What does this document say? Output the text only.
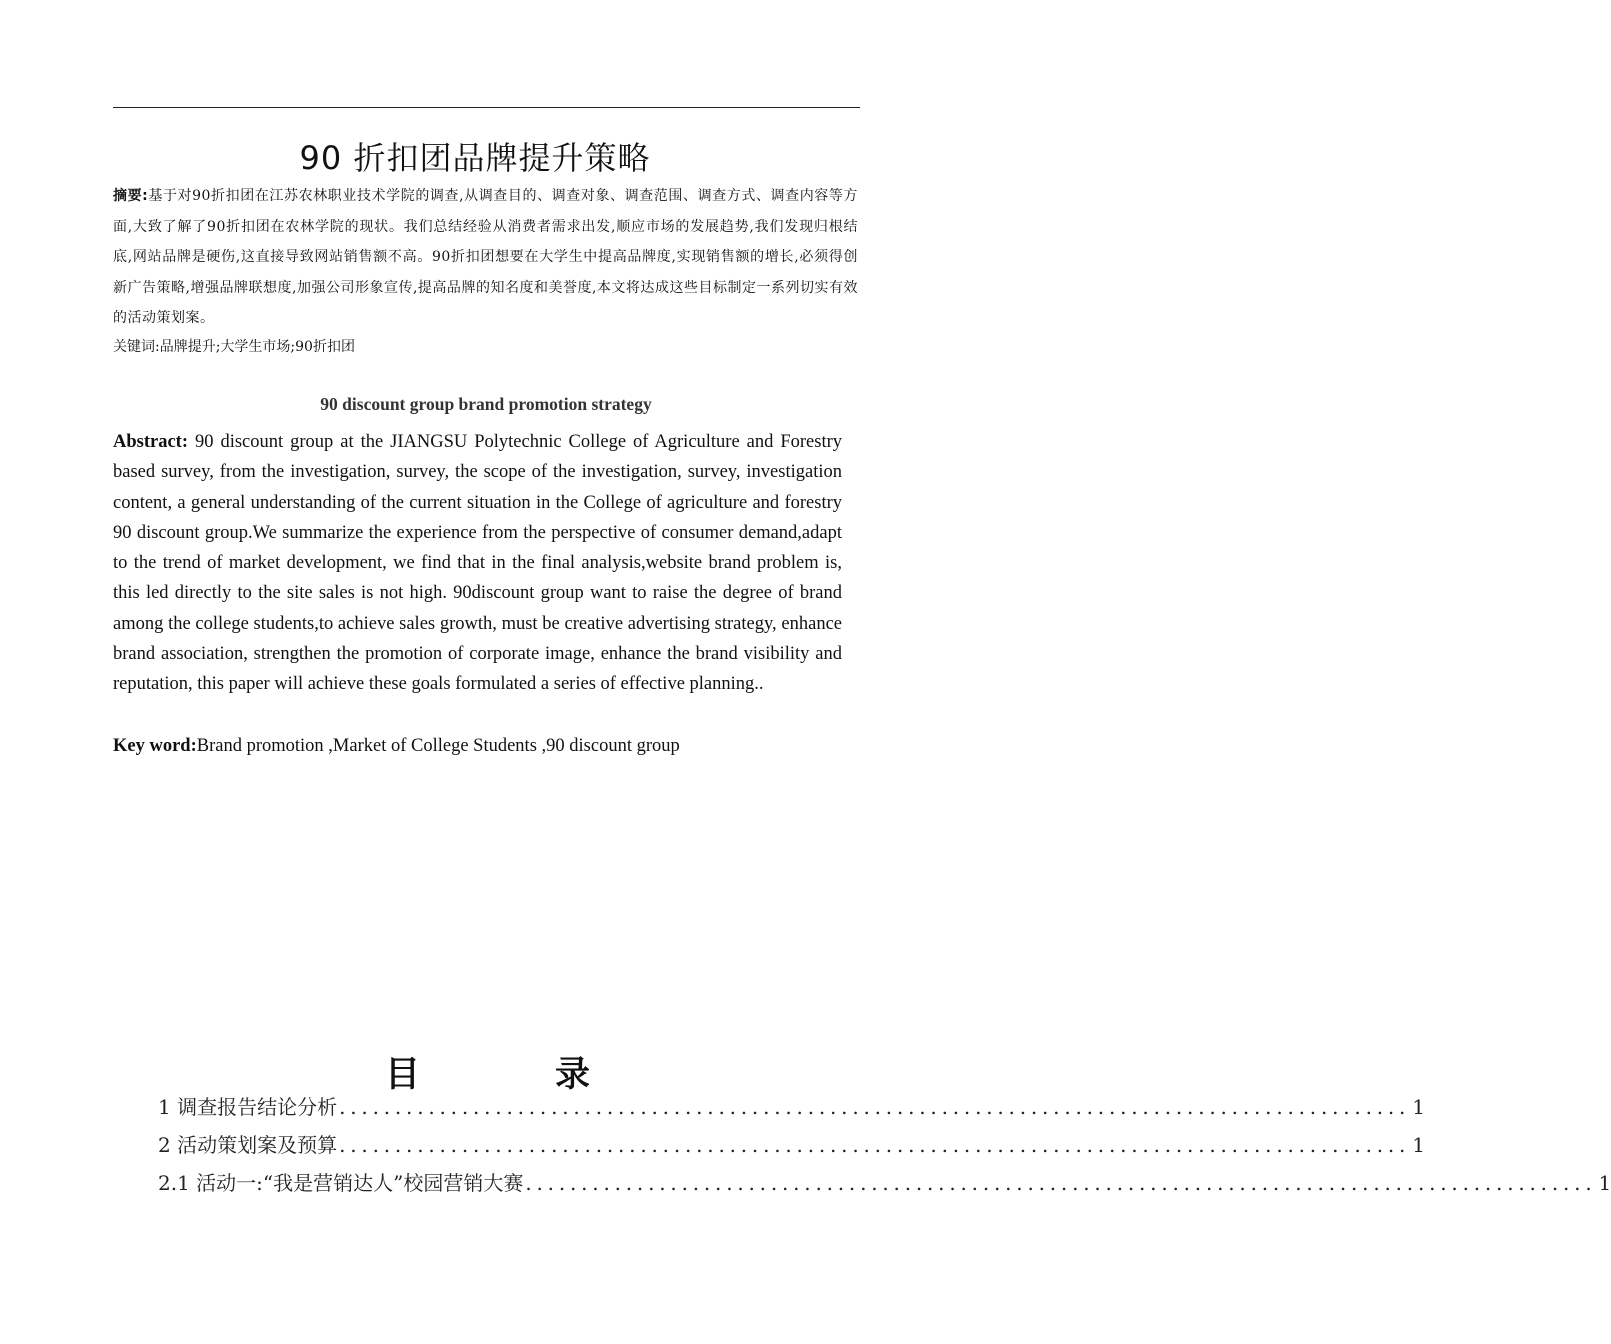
90 折扣团品牌提升策略
摘要:基于对90折扣团在江苏农林职业技术学院的调查,从调查目的、调查对象、调查范围、调查方式、调查内容等方面,大致了解了90折扣团在农林学院的现状。我们总结经验从消费者需求出发,顺应市场的发展趋势,我们发现归根结底,网站品牌是硬伤,这直接导致网站销售额不高。90折扣团想要在大学生中提高品牌度,实现销售额的增长,必须得创新广告策略,增强品牌联想度,加强公司形象宣传,提高品牌的知名度和美誉度,本文将达成这些目标制定一系列切实有效的活动策划案。
关键词:品牌提升;大学生市场;90折扣团
90 discount group brand promotion strategy
Abstract: 90 discount group at the JIANGSU Polytechnic College of Agriculture and Forestry based survey, from the investigation, survey, the scope of the investigation, survey, investigation content, a general understanding of the current situation in the College of agriculture and forestry 90 discount group.We summarize the experience from the perspective of consumer demand,adapt to the trend of market development, we find that in the final analysis,website brand problem is, this led directly to the site sales is not high. 90discount group want to raise the degree of brand among the college students,to achieve sales growth, must be creative advertising strategy, enhance brand association, strengthen the promotion of corporate image, enhance the brand visibility and reputation, this paper will achieve these goals formulated a series of effective planning..
Key word:Brand promotion ,Market of College Students ,90 discount group
目	录
1 调查报告结论分析 ................................................................................................ 1
2 活动策划案及预算 ................................................................................................ 1
2.1 活动一:“我是营销达人”校园营销大赛 ................................................................................................ 1
